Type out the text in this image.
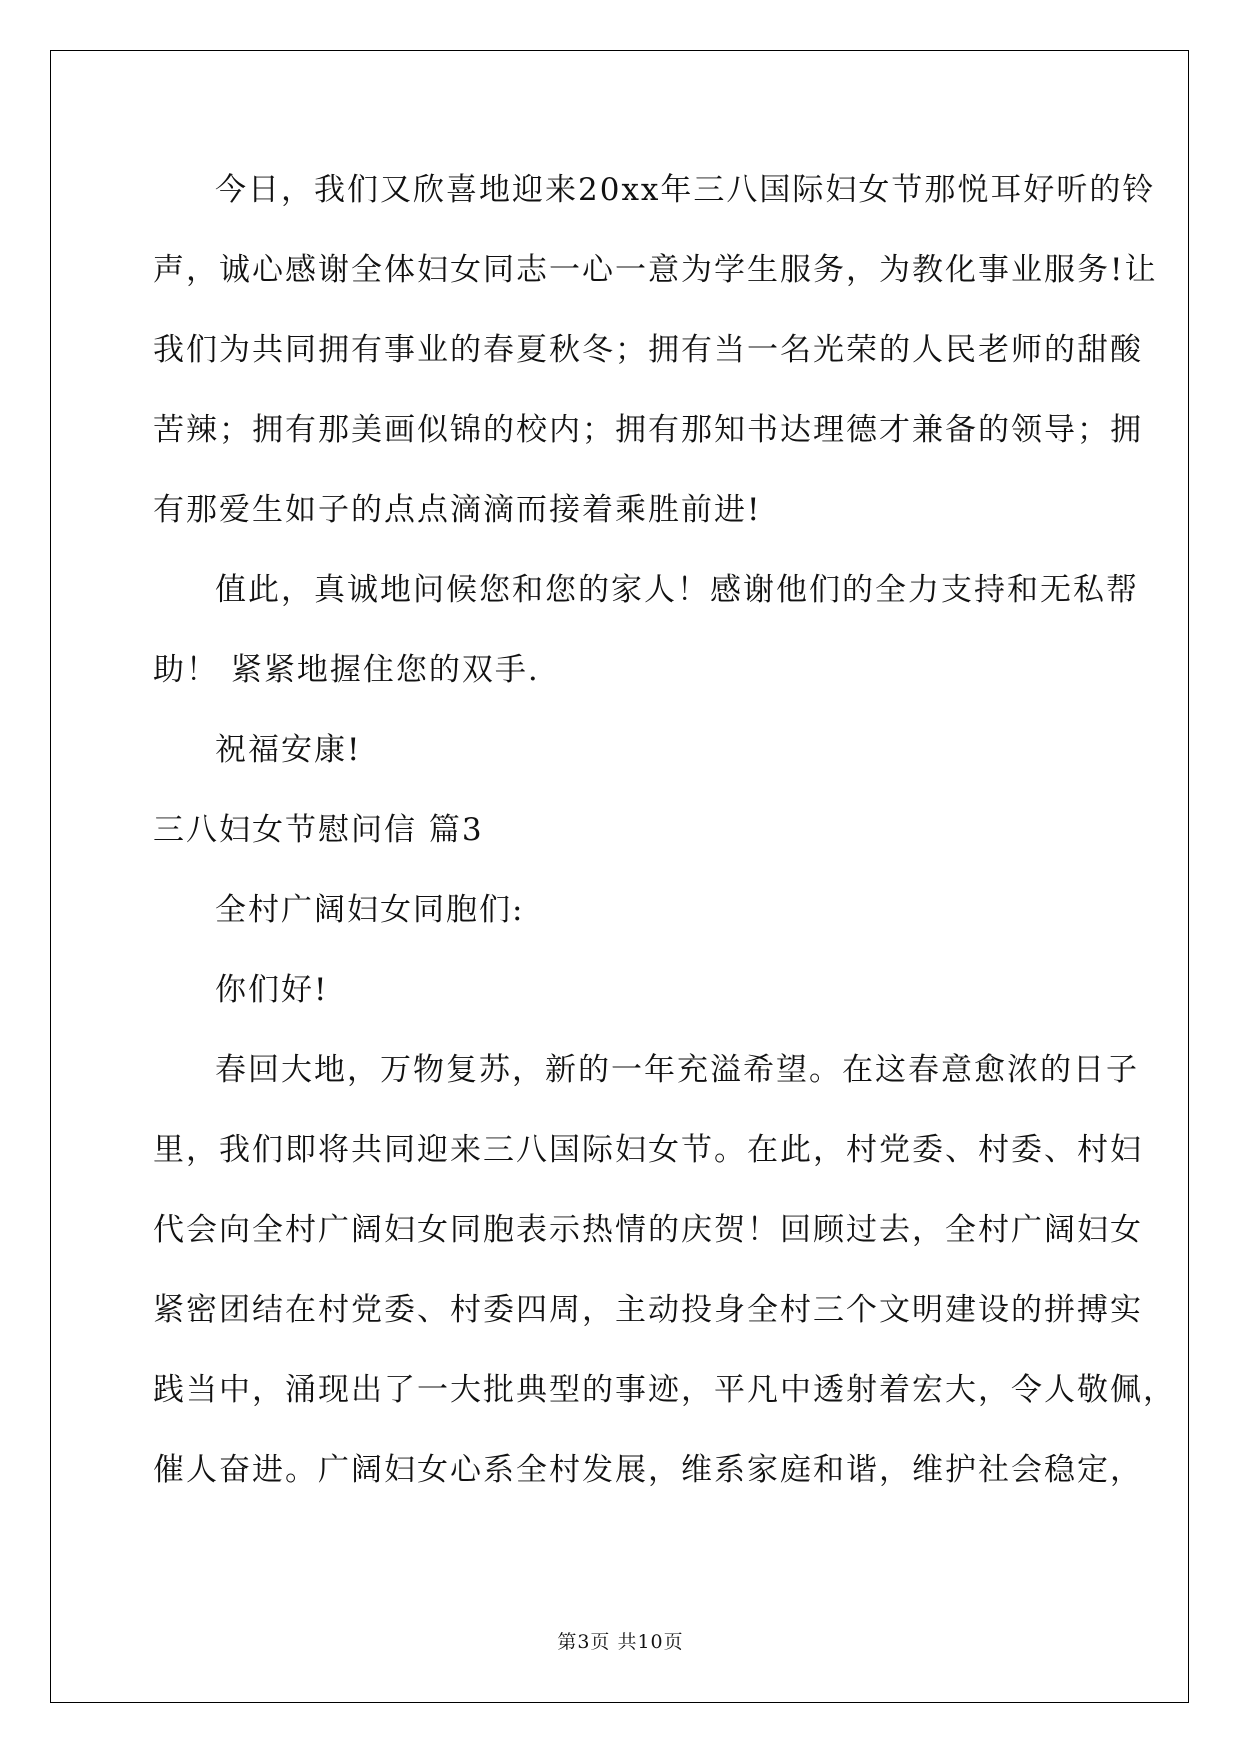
今日，我们又欣喜地迎来20xx年三八国际妇女节那悦耳好听的铃
声，诚心感谢全体妇女同志一心一意为学生服务，为教化事业服务!让
我们为共同拥有事业的春夏秋冬；拥有当一名光荣的人民老师的甜酸
苦辣；拥有那美画似锦的校内；拥有那知书达理德才兼备的领导；拥
有那爱生如子的点点滴滴而接着乘胜前进!
值此，真诚地问候您和您的家人！感谢他们的全力支持和无私帮
助！ 紧紧地握住您的双手.
祝福安康!
三八妇女节慰问信 篇3
全村广阔妇女同胞们:
你们好!
春回大地，万物复苏，新的一年充溢希望。在这春意愈浓的日子
里，我们即将共同迎来三八国际妇女节。在此，村党委、村委、村妇
代会向全村广阔妇女同胞表示热情的庆贺！回顾过去，全村广阔妇女
紧密团结在村党委、村委四周，主动投身全村三个文明建设的拼搏实
践当中，涌现出了一大批典型的事迹，平凡中透射着宏大，令人敬佩，
催人奋进。广阔妇女心系全村发展，维系家庭和谐，维护社会稳定，
第3页 共10页
